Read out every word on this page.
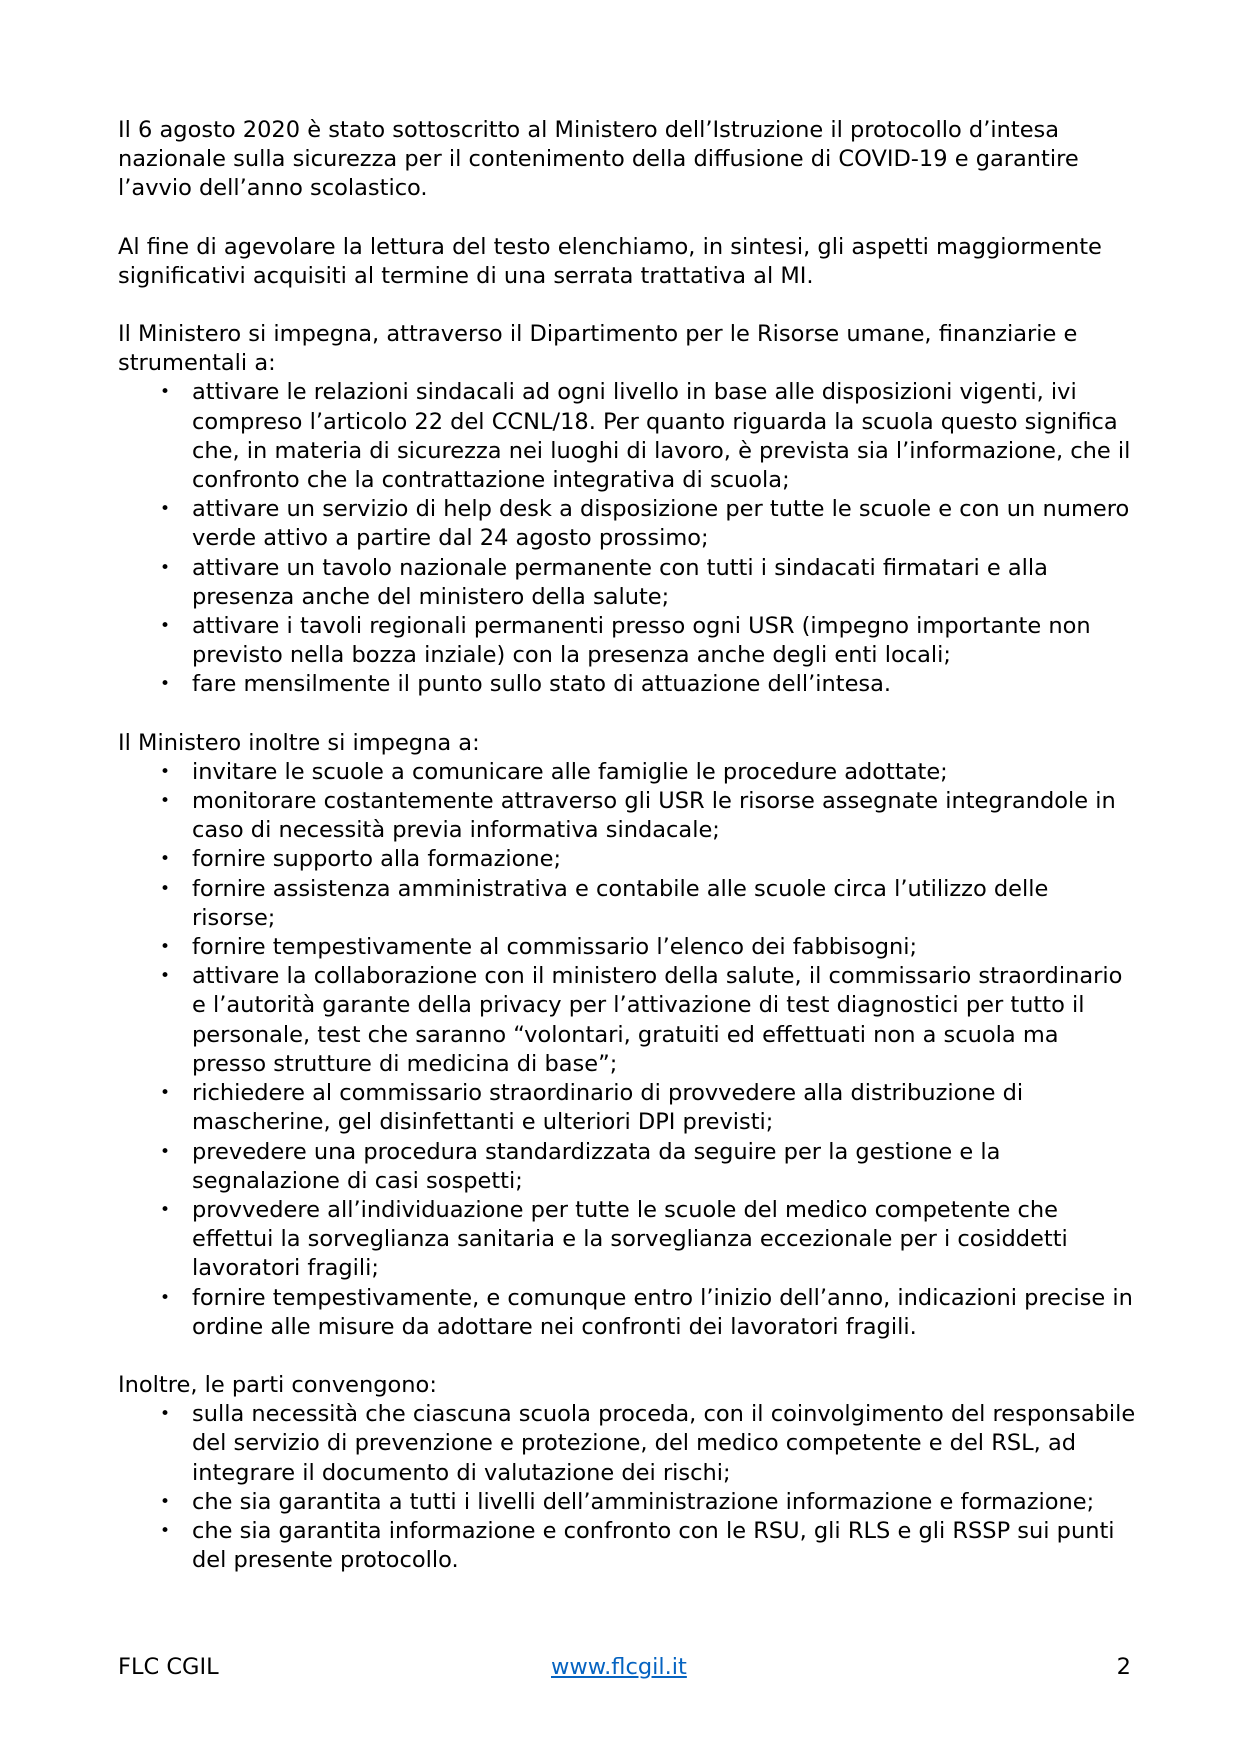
Il 6 agosto 2020 è stato sottoscritto al Ministero dell’Istruzione il protocollo d’intesa nazionale sulla sicurezza per il contenimento della diffusione di COVID-19 e garantire l’avvio dell’anno scolastico.

Al fine di agevolare la lettura del testo elenchiamo, in sintesi, gli aspetti maggiormente significativi acquisiti al termine di una serrata trattativa al MI.

Il Ministero si impegna, attraverso il Dipartimento per le Risorse umane, finanziarie e strumentali a:

• attivare le relazioni sindacali ad ogni livello in base alle disposizioni vigenti, ivi compreso l’articolo 22 del CCNL/18. Per quanto riguarda la scuola questo significa che, in materia di sicurezza nei luoghi di lavoro, è prevista sia l’informazione, che il confronto che la contrattazione integrativa di scuola;
• attivare un servizio di help desk a disposizione per tutte le scuole e con un numero verde attivo a partire dal 24 agosto prossimo;
• attivare un tavolo nazionale permanente con tutti i sindacati firmatari e alla presenza anche del ministero della salute;
• attivare i tavoli regionali permanenti presso ogni USR (impegno importante non previsto nella bozza inziale) con la presenza anche degli enti locali;
• fare mensilmente il punto sullo stato di attuazione dell’intesa.

Il Ministero inoltre si impegna a:

• invitare le scuole a comunicare alle famiglie le procedure adottate;
• monitorare costantemente attraverso gli USR le risorse assegnate integrandole in caso di necessità previa informativa sindacale;
• fornire supporto alla formazione;
• fornire assistenza amministrativa e contabile alle scuole circa l’utilizzo delle risorse;
• fornire tempestivamente al commissario l’elenco dei fabbisogni;
• attivare la collaborazione con il ministero della salute, il commissario straordinario e l’autorità garante della privacy per l’attivazione di test diagnostici per tutto il personale, test che saranno “volontari, gratuiti ed effettuati non a scuola ma presso strutture di medicina di base”;
• richiedere al commissario straordinario di provvedere alla distribuzione di mascherine, gel disinfettanti e ulteriori DPI previsti;
• prevedere una procedura standardizzata da seguire per la gestione e la segnalazione di casi sospetti;
• provvedere all’individuazione per tutte le scuole del medico competente che effettui la sorveglianza sanitaria e la sorveglianza eccezionale per i cosiddetti lavoratori fragili;
• fornire tempestivamente, e comunque entro l’inizio dell’anno, indicazioni precise in ordine alle misure da adottare nei confronti dei lavoratori fragili.

Inoltre, le parti convengono:

• sulla necessità che ciascuna scuola proceda, con il coinvolgimento del responsabile del servizio di prevenzione e protezione, del medico competente e del RSL, ad integrare il documento di valutazione dei rischi;
• che sia garantita a tutti i livelli dell’amministrazione informazione e formazione;
• che sia garantita informazione e confronto con le RSU, gli RLS e gli RSSP sui punti del presente protocollo.
FLC CGIL	www.flcgil.it	2
